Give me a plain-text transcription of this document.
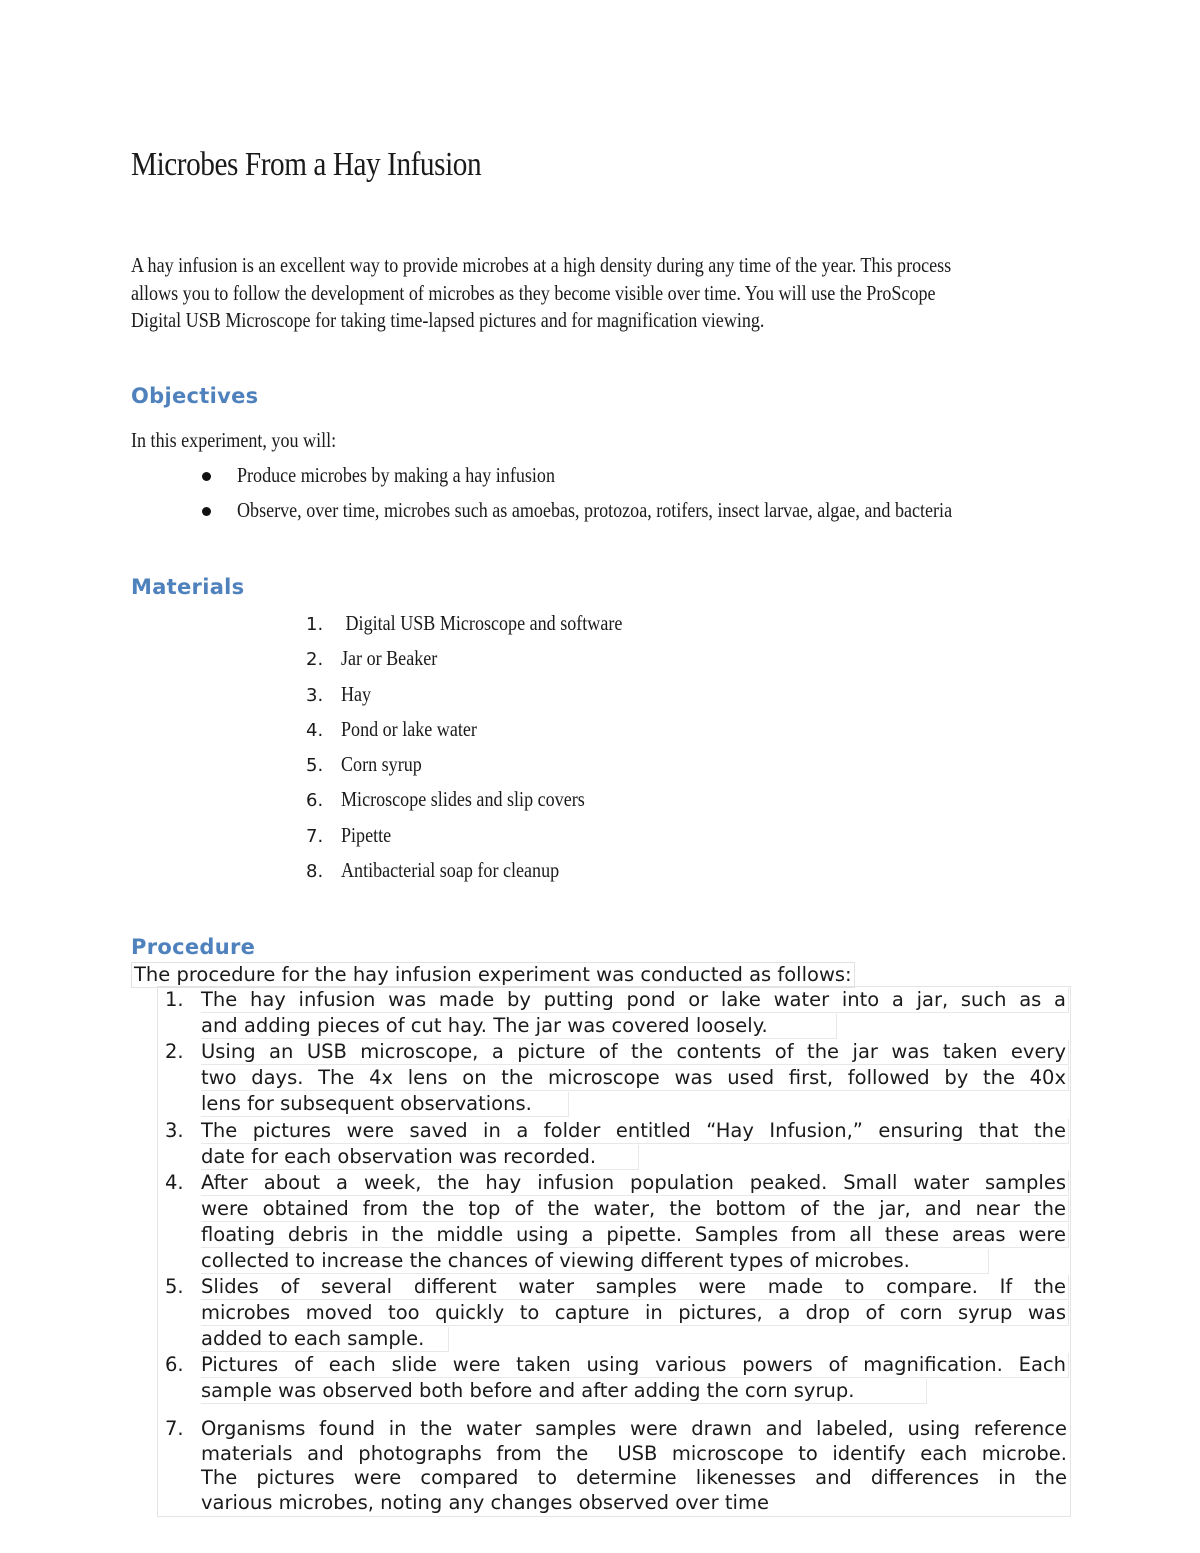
Microbes From a Hay Infusion
A hay infusion is an excellent way to provide microbes at a high density during any time of the year. This process
allows you to follow the development of microbes as they become visible over time. You will use the ProScope
Digital USB Microscope for taking time-lapsed pictures and for magnification viewing.
Objectives
In this experiment, you will:
Produce microbes by making a hay infusion
Observe, over time, microbes such as amoebas, protozoa, rotifers, insect larvae, algae, and bacteria
Materials
1. Digital USB Microscope and software
2. Jar or Beaker
3. Hay
4. Pond or lake water
5. Corn syrup
6. Microscope slides and slip covers
7. Pipette
8. Antibacterial soap for cleanup
Procedure
The procedure for the hay infusion experiment was conducted as follows:
1. The hay infusion was made by putting pond or lake water into a jar, such as a
and adding pieces of cut hay. The jar was covered loosely.
2. Using an USB microscope, a picture of the contents of the jar was taken every
two days. The 4x lens on the microscope was used first, followed by the 40x
lens for subsequent observations.
3. The pictures were saved in a folder entitled “Hay Infusion,” ensuring that the
date for each observation was recorded.
4. After about a week, the hay infusion population peaked. Small water samples
were obtained from the top of the water, the bottom of the jar, and near the
floating debris in the middle using a pipette. Samples from all these areas were
collected to increase the chances of viewing different types of microbes.
5. Slides of several different water samples were made to compare. If the
microbes moved too quickly to capture in pictures, a drop of corn syrup was
added to each sample.
6. Pictures of each slide were taken using various powers of magnification. Each
sample was observed both before and after adding the corn syrup.
7. Organisms found in the water samples were drawn and labeled, using reference
materials and photographs from the  USB microscope to identify each microbe.
The pictures were compared to determine likenesses and differences in the
various microbes, noting any changes observed over time
